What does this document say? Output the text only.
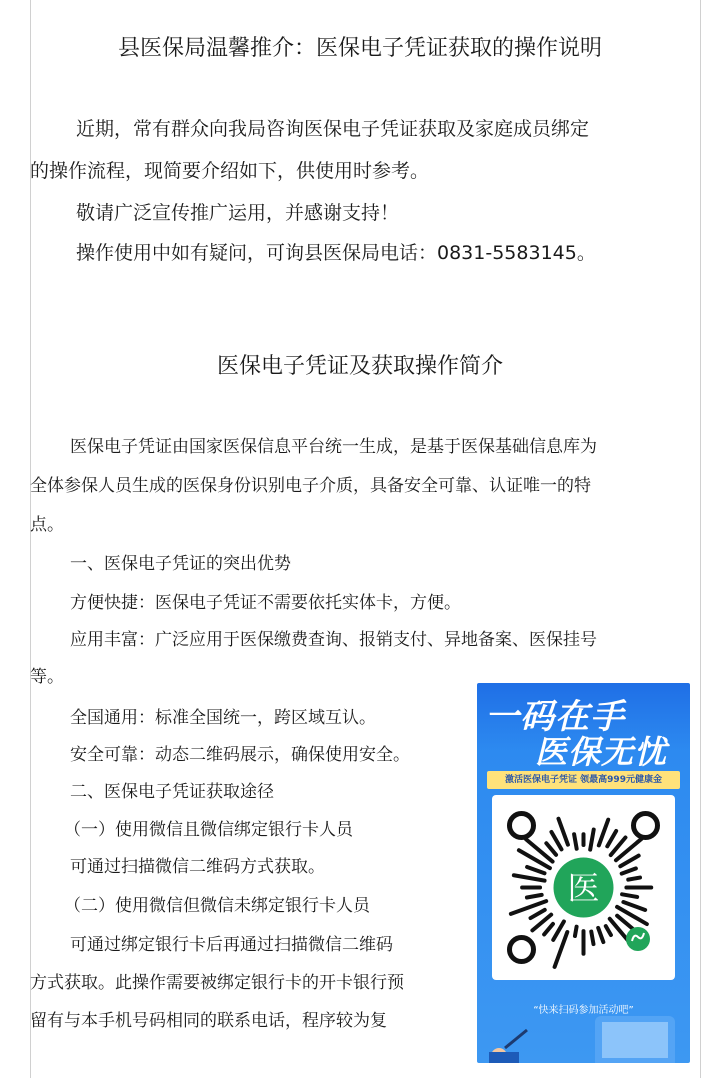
县医保局温馨推介：医保电子凭证获取的操作说明
近期，常有群众向我局咨询医保电子凭证获取及家庭成员绑定
的操作流程，现简要介绍如下，供使用时参考。
敬请广泛宣传推广运用，并感谢支持！
操作使用中如有疑问，可询县医保局电话：0831-5583145。
医保电子凭证及获取操作简介
医保电子凭证由国家医保信息平台统一生成，是基于医保基础信息库为
全体参保人员生成的医保身份识别电子介质，具备安全可靠、认证唯一的特
点。
一、医保电子凭证的突出优势
方便快捷：医保电子凭证不需要依托实体卡，方便。
应用丰富：广泛应用于医保缴费查询、报销支付、异地备案、医保挂号
等。
全国通用：标准全国统一，跨区域互认。
安全可靠：动态二维码展示，确保使用安全。
二、医保电子凭证获取途径
（一）使用微信且微信绑定银行卡人员
可通过扫描微信二维码方式获取。
（二）使用微信但微信未绑定银行卡人员
可通过绑定银行卡后再通过扫描微信二维码
方式获取。此操作需要被绑定银行卡的开卡银行预
留有与本手机号码相同的联系电话，程序较为复
一码在手
医保无忧
激活医保电子凭证 领最高999元健康金
医
“快来扫码参加活动吧”
